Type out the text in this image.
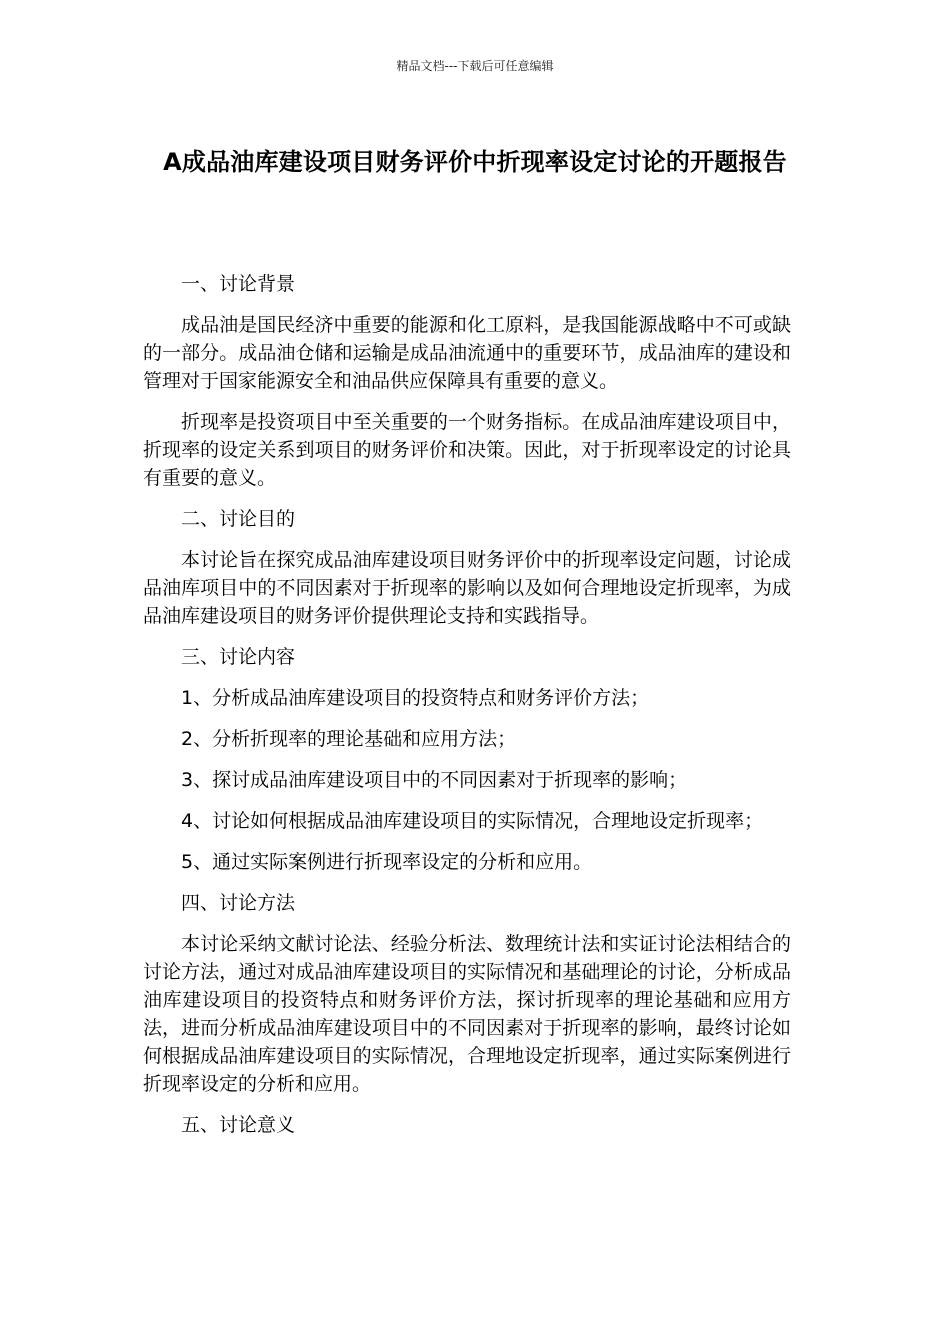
精品文档---下载后可任意编辑
A成品油库建设项目财务评价中折现率设定讨论的开题报告
一、讨论背景
成品油是国民经济中重要的能源和化工原料，是我国能源战略中不可或缺的一部分。成品油仓储和运输是成品油流通中的重要环节，成品油库的建设和管理对于国家能源安全和油品供应保障具有重要的意义。
折现率是投资项目中至关重要的一个财务指标。在成品油库建设项目中，折现率的设定关系到项目的财务评价和决策。因此，对于折现率设定的讨论具有重要的意义。
二、讨论目的
本讨论旨在探究成品油库建设项目财务评价中的折现率设定问题，讨论成品油库项目中的不同因素对于折现率的影响以及如何合理地设定折现率，为成品油库建设项目的财务评价提供理论支持和实践指导。
三、讨论内容
1、分析成品油库建设项目的投资特点和财务评价方法；
2、分析折现率的理论基础和应用方法；
3、探讨成品油库建设项目中的不同因素对于折现率的影响；
4、讨论如何根据成品油库建设项目的实际情况，合理地设定折现率；
5、通过实际案例进行折现率设定的分析和应用。
四、讨论方法
本讨论采纳文献讨论法、经验分析法、数理统计法和实证讨论法相结合的讨论方法，通过对成品油库建设项目的实际情况和基础理论的讨论，分析成品油库建设项目的投资特点和财务评价方法，探讨折现率的理论基础和应用方法，进而分析成品油库建设项目中的不同因素对于折现率的影响，最终讨论如何根据成品油库建设项目的实际情况，合理地设定折现率，通过实际案例进行折现率设定的分析和应用。
五、讨论意义
